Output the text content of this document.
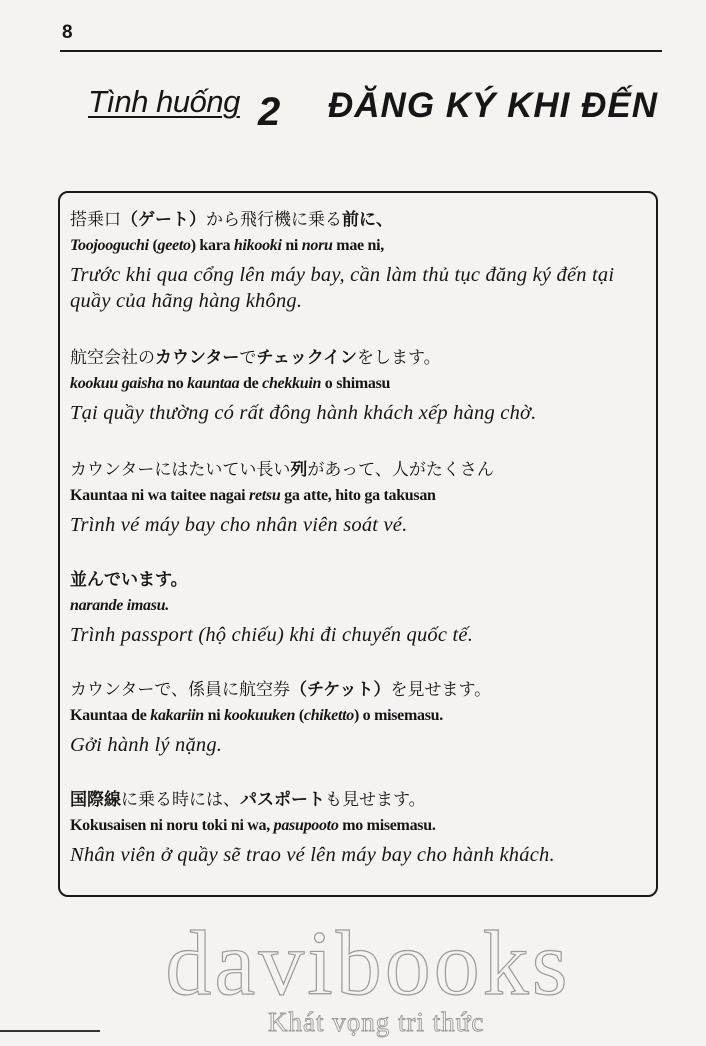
8
Tình huống 2 ĐĂNG KÝ KHI ĐẾN
搭乗口（ゲート）から飛行機に乗る前に、
Toojooguchi (geeto) kara hikooki ni noru mae ni,
Trước khi qua cổng lên máy bay, cần làm thủ tục đăng ký đến tại quầy của hãng hàng không.
航空会社のカウンターでチェックインをします。
kookuu gaisha no kauntaa de chekkuin o shimasu
Tại quầy thường có rất đông hành khách xếp hàng chờ.
カウンターにはたいてい長い列があって、人がたくさん
Kauntaa ni wa taitee nagai retsu ga atte, hito ga takusan
Trình vé máy bay cho nhân viên soát vé.
並んでいます。
narande imasu.
Trình passport (hộ chiếu) khi đi chuyến quốc tế.
カウンターで、係員に航空券（チケット）を見せます。
Kauntaa de kakariin ni kookuuken (chiketto) o misemasu.
Gởi hành lý nặng.
国際線に乗る時には、パスポートも見せます。
Kokusaisen ni noru toki ni wa, pasupooto mo misemasu.
Nhân viên ở quầy sẽ trao vé lên máy bay cho hành khách.
davibooks
Khát vọng tri thức
